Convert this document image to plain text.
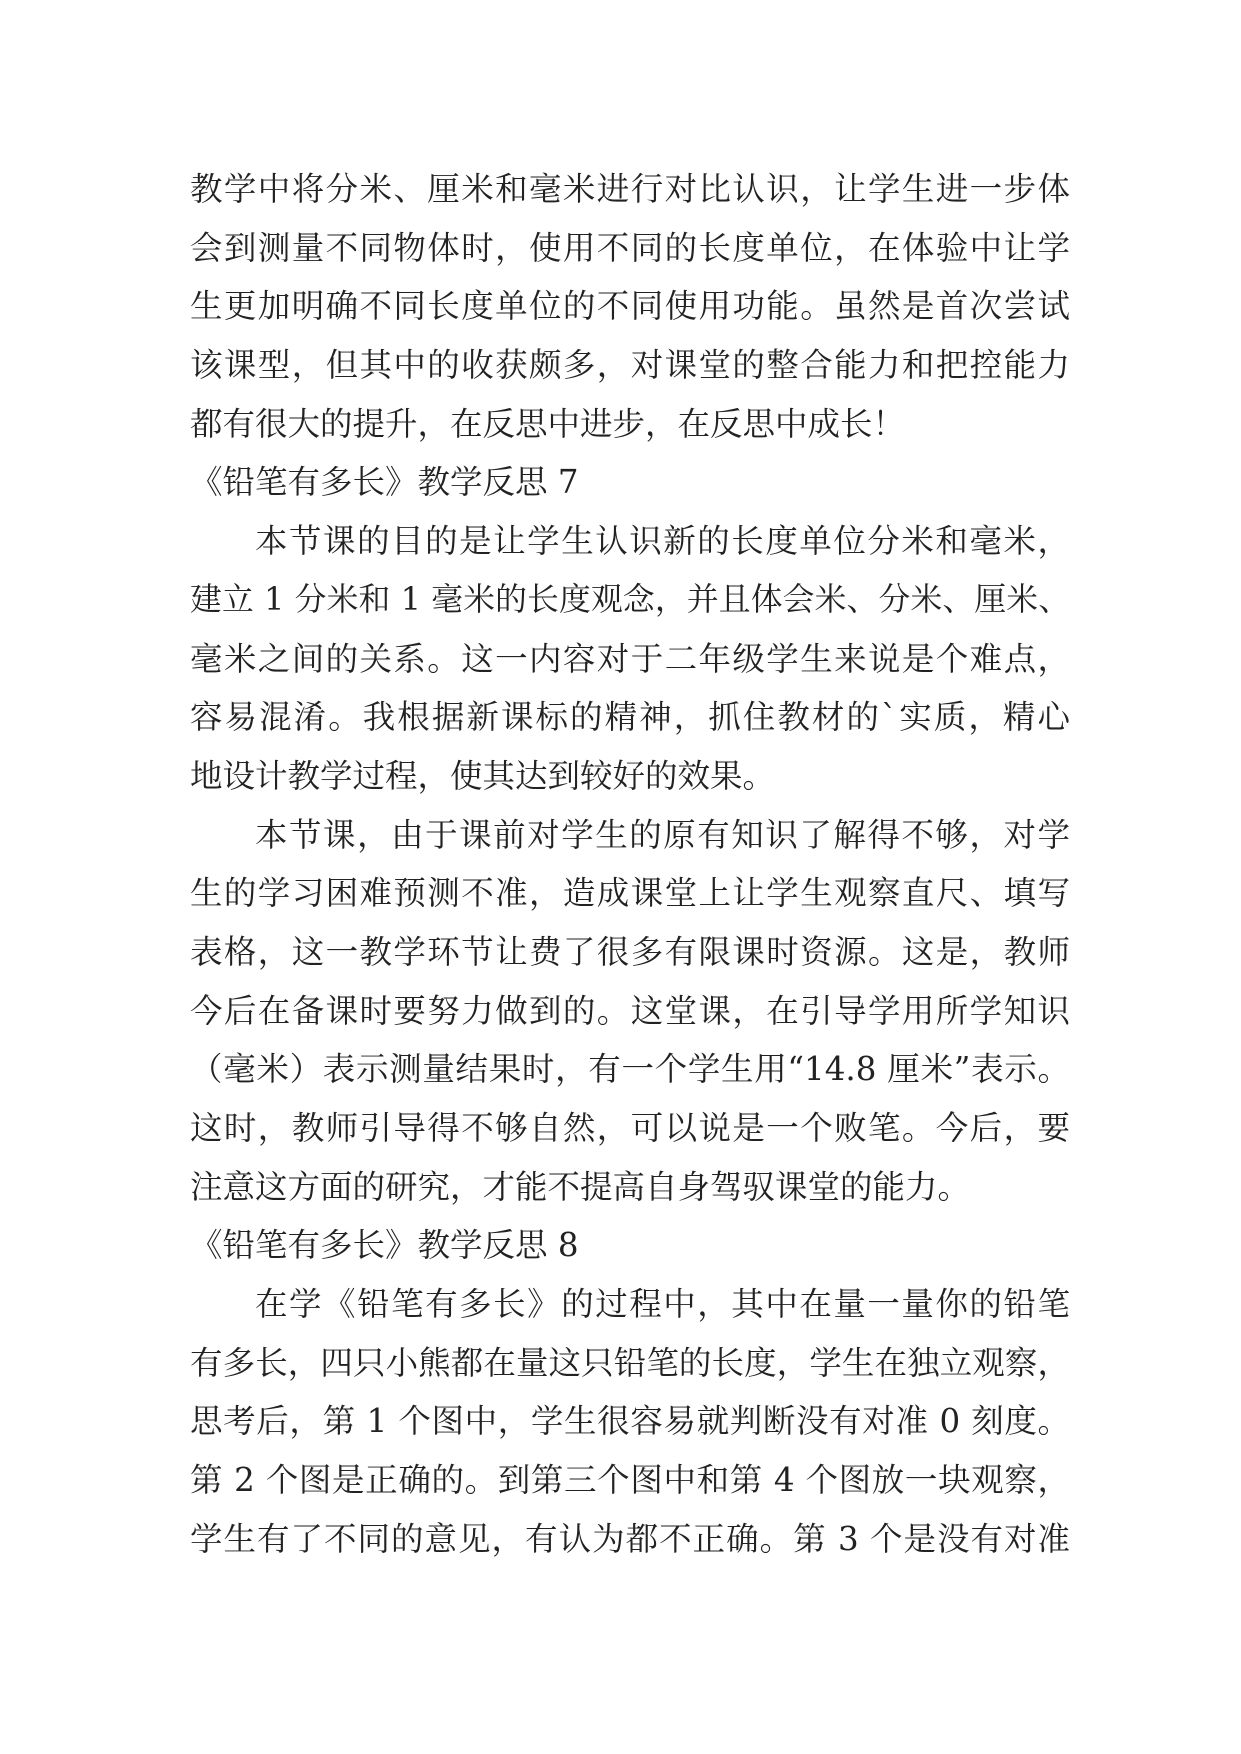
教学中将分米、厘米和毫米进行对比认识，让学生进一步体
会到测量不同物体时，使用不同的长度单位，在体验中让学
生更加明确不同长度单位的不同使用功能。虽然是首次尝试
该课型，但其中的收获颇多，对课堂的整合能力和把控能力
都有很大的提升，在反思中进步，在反思中成长！
《铅笔有多长》教学反思 7
本节课的目的是让学生认识新的长度单位分米和毫米，
建立 1 分米和 1 毫米的长度观念，并且体会米、分米、厘米、
毫米之间的关系。这一内容对于二年级学生来说是个难点，
容易混淆。我根据新课标的精神，抓住教材的`实质，精心
地设计教学过程，使其达到较好的效果。
本节课，由于课前对学生的原有知识了解得不够，对学
生的学习困难预测不准，造成课堂上让学生观察直尺、填写
表格，这一教学环节让费了很多有限课时资源。这是，教师
今后在备课时要努力做到的。这堂课，在引导学用所学知识
（毫米）表示测量结果时，有一个学生用“14.8 厘米”表示。
这时，教师引导得不够自然，可以说是一个败笔。今后，要
注意这方面的研究，才能不提高自身驾驭课堂的能力。
《铅笔有多长》教学反思 8
在学《铅笔有多长》的过程中，其中在量一量你的铅笔
有多长，四只小熊都在量这只铅笔的长度，学生在独立观察，
思考后，第 1 个图中，学生很容易就判断没有对准 0 刻度。
第 2 个图是正确的。到第三个图中和第 4 个图放一块观察，
学生有了不同的意见，有认为都不正确。第 3 个是没有对准
